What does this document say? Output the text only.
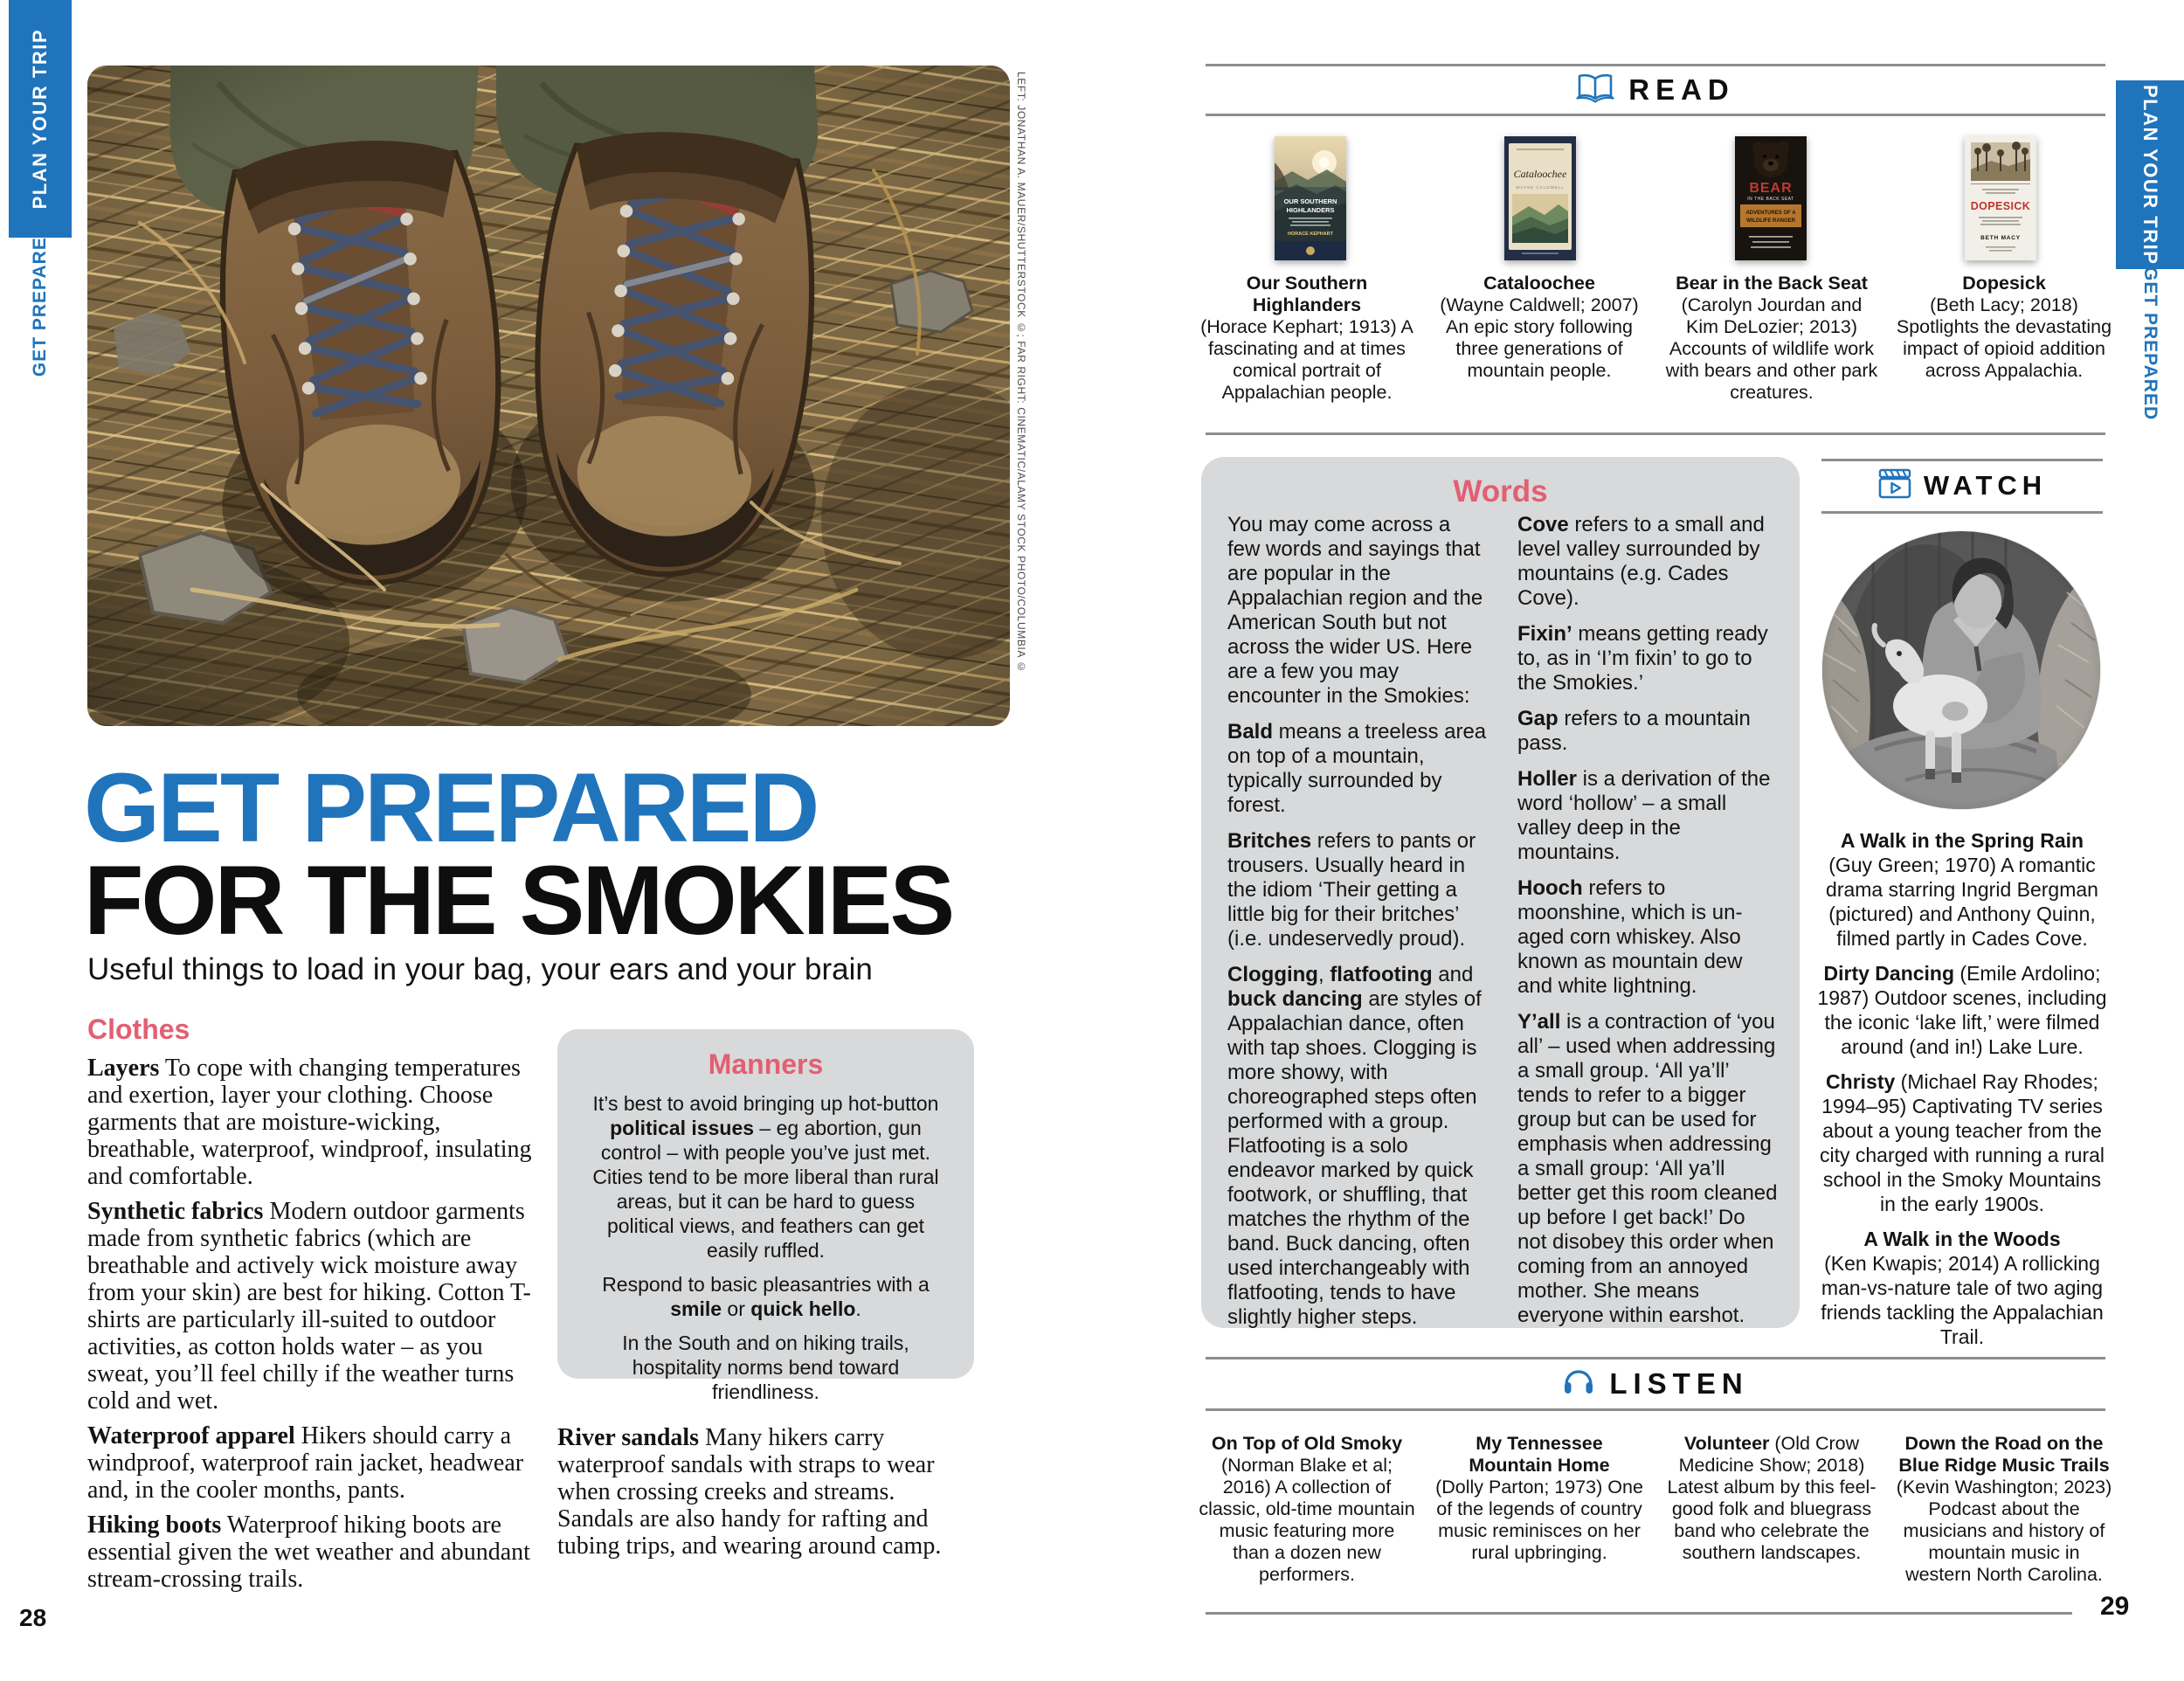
PLAN YOUR TRIP
GET PREPARED	LEFT: JONATHAN A. MAUER/SHUTTERSTOCK ©; FAR RIGHT: CINEMATIC/ALAMY STOCK PHOTO/COLUMBIA ©
GET PREPARED
FOR THE SMOKIES

Useful things to load in your bag, your ears and your brain

Clothes

Layers To cope with changing temperatures and exertion, layer your clothing. Choose garments that are moisture-wicking, breathable, waterproof, windproof, insulating and comfortable.

Synthetic fabrics Modern outdoor garments made from synthetic fabrics (which are breathable and actively wick moisture away from your skin) are best for hiking. Cotton T-shirts are particularly ill-suited to outdoor activities, as cotton holds water – as you sweat, you’ll feel chilly if the weather turns cold and wet.

Waterproof apparel Hikers should carry a windproof, waterproof rain jacket, headwear and, in the cooler months, pants.

Hiking boots Waterproof hiking boots are essential given the wet weather and abundant stream-crossing trails.

Manners

It’s best to avoid bringing up hot-button political issues – eg abortion, gun control – with people you’ve just met. Cities tend to be more liberal than rural areas, but it can be hard to guess political views, and feathers can get easily ruffled.

Respond to basic pleasantries with a smile or quick hello.

In the South and on hiking trails, hospitality norms bend toward friendliness.

River sandals Many hikers carry waterproof sandals with straps to wear when crossing creeks and streams. Sandals are also handy for rafting and tubing trips, and wearing around camp.

28
READ
OUR SOUTHERN
HIGHLANDERS
HORACE KEPHART
Cataloochee
WAYNE CALDWELL	BEAR
IN THE BACK SEAT
ADVENTURES OF A
WILDLIFE RANGER
DOPESICK
BETH MACY

Our Southern
Highlanders
(Horace Kephart; 1913) A fascinating and at times comical portrait of Appalachian people.

Cataloochee
(Wayne Caldwell; 2007) An epic story following three generations of mountain people.

Bear in the Back Seat
(Carolyn Jourdan and Kim DeLozier; 2013) Accounts of wildlife work with bears and other park creatures.

Dopesick
(Beth Lacy; 2018) Spotlights the devastating impact of opioid addition across Appalachia.

Words

You may come across a few words and sayings that are popular in the Appalachian region and the American South but not across the wider US. Here are a few you may encounter in the Smokies:

Bald means a treeless area on top of a mountain, typically surrounded by forest.

Britches refers to pants or trousers. Usually heard in the idiom ‘Their getting a little big for their britches’ (i.e. undeservedly proud).

Clogging, flatfooting and buck dancing are styles of Appalachian dance, often with tap shoes. Clogging is more showy, with choreographed steps often performed with a group. Flatfooting is a solo endeavor marked by quick footwork, or shuffling, that matches the rhythm of the band. Buck dancing, often used interchangeably with flatfooting, tends to have slightly higher steps.

Cove refers to a small and level valley surrounded by mountains (e.g. Cades Cove).

Fixin’ means getting ready to, as in ‘I’m fixin’ to go to the Smokies.’

Gap refers to a mountain pass.

Holler is a derivation of the word ‘hollow’ – a small valley deep in the mountains.

Hooch refers to moonshine, which is un-aged corn whiskey. Also known as mountain dew and white lightning.

Y’all is a contraction of ‘you all’ – used when addressing a small group. ‘All ya’ll’ tends to refer to a bigger group but can be used for emphasis when addressing a small group: ‘All ya’ll better get this room cleaned up before I get back!’ Do not disobey this order when coming from an annoyed mother. She means everyone within earshot.

WATCH

A Walk in the Spring Rain
(Guy Green; 1970) A romantic drama starring Ingrid Bergman (pictured) and Anthony Quinn, filmed partly in Cades Cove.

Dirty Dancing (Emile Ardolino; 1987) Outdoor scenes, including the iconic ‘lake lift,’ were filmed around (and in!) Lake Lure.

Christy (Michael Ray Rhodes; 1994–95) Captivating TV series about a young teacher from the city charged with running a rural school in the Smoky Mountains in the early 1900s.

A Walk in the Woods
(Ken Kwapis; 2014) A rollicking man-vs-nature tale of two aging friends tackling the Appalachian Trail.

LISTEN

On Top of Old Smoky
(Norman Blake et al; 2016) A collection of classic, old-time mountain music featuring more than a dozen new performers.

My Tennessee
Mountain Home
(Dolly Parton; 1973) One of the legends of country music reminisces on her rural upbringing.

Volunteer (Old Crow Medicine Show; 2018) Latest album by this feel-good folk and bluegrass band who celebrate the southern landscapes.

Down the Road on the
Blue Ridge Music Trails
(Kevin Washington; 2023) Podcast about the musicians and history of mountain music in western North Carolina.

29
PLAN YOUR TRIP
GET PREPARED
